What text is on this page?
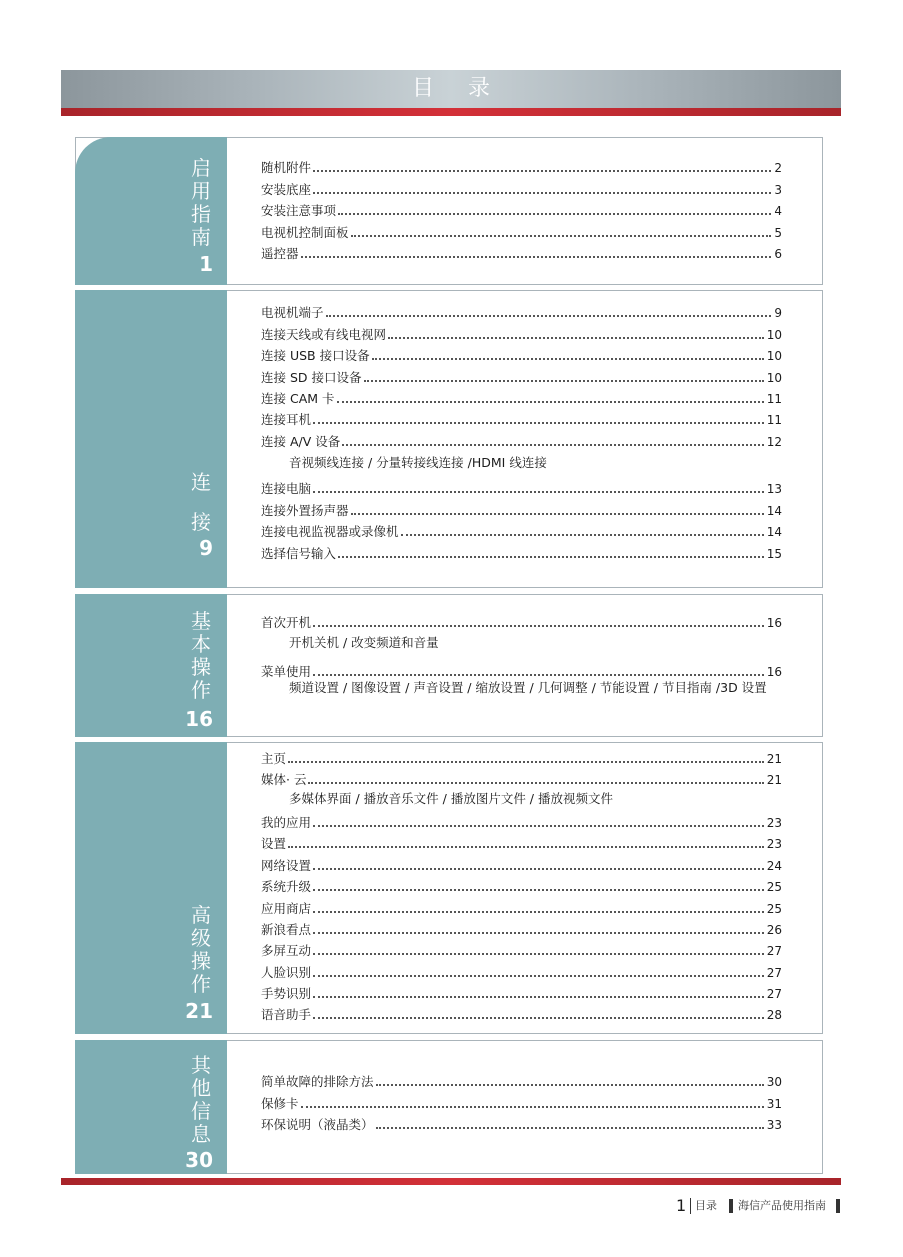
目录
启用指南
1
随机附件	2
安装底座	3
安装注意事项	4
电视机控制面板	5
遥控器	6
连接
9
电视机端子	9
连接天线或有线电视网	10
连接 USB 接口设备	10
连接 SD 接口设备	10
连接 CAM 卡	11
连接耳机	11
连接 A/V 设备	12
音视频线连接 / 分量转接线连接 /HDMI 线连接
连接电脑	13
连接外置扬声器	14
连接电视监视器或录像机	14
选择信号输入	15
基本操作
16
首次开机	16
开机关机 / 改变频道和音量
菜单使用	16
频道设置 / 图像设置 / 声音设置 / 缩放设置 / 几何调整 / 节能设置 / 节目指南 /3D 设置
高级操作
21
主页	21
媒体· 云	21
多媒体界面 / 播放音乐文件 / 播放图片文件 / 播放视频文件
我的应用	23
设置	23
网络设置	24
系统升级	25
应用商店	25
新浪看点	26
多屏互动	27
人脸识别	27
手势识别	27
语音助手	28
其他信息
30
简单故障的排除方法	30
保修卡	31
环保说明（液晶类）	33
1 目录 海信产品使用指南
